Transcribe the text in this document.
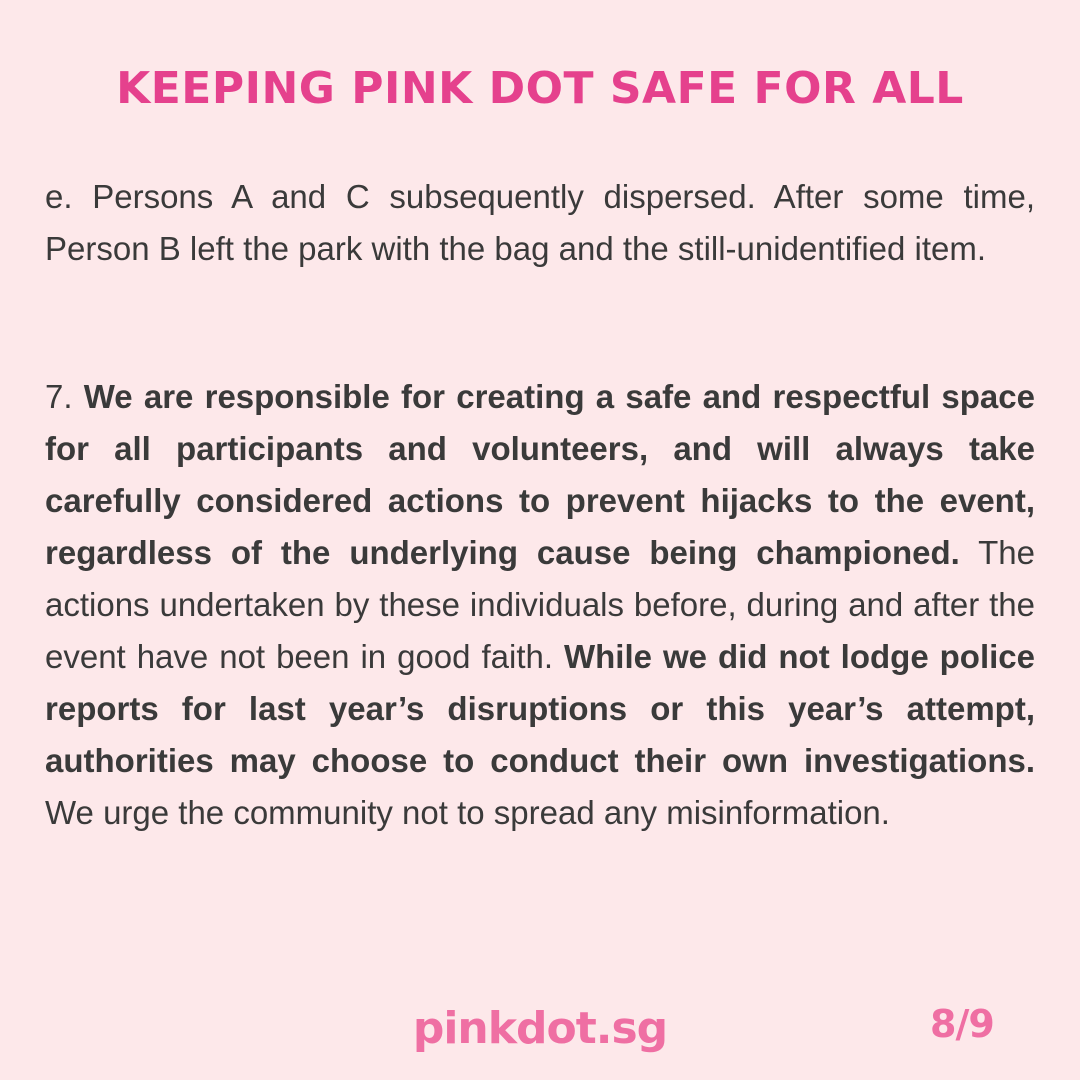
KEEPING PINK DOT SAFE FOR ALL

e. Persons A and C subsequently dispersed. After some time, Person B left the park with the bag and the still-unidentified item.

7. We are responsible for creating a safe and respectful space for all participants and volunteers, and will always take carefully considered actions to prevent hijacks to the event, regardless of the underlying cause being championed. The actions undertaken by these individuals before, during and after the event have not been in good faith. While we did not lodge police reports for last year’s disruptions or this year’s attempt, authorities may choose to conduct their own investigations. We urge the community not to spread any misinformation.

pinkdot.sg	8/9
